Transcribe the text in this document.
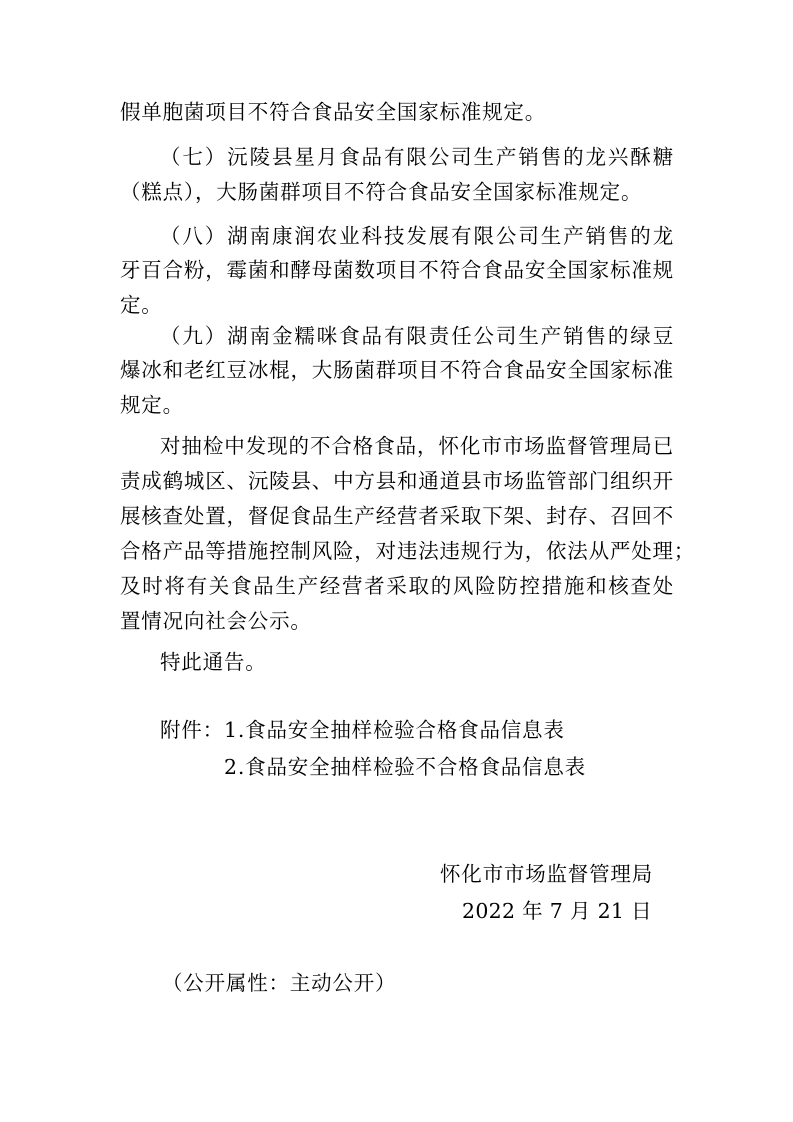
假单胞菌项目不符合食品安全国家标准规定。
（七）沅陵县星月食品有限公司生产销售的龙兴酥糖
（糕点），大肠菌群项目不符合食品安全国家标准规定。
（八）湖南康润农业科技发展有限公司生产销售的龙
牙百合粉，霉菌和酵母菌数项目不符合食品安全国家标准规
定。
（九）湖南金糯咪食品有限责任公司生产销售的绿豆
爆冰和老红豆冰棍，大肠菌群项目不符合食品安全国家标准
规定。
对抽检中发现的不合格食品，怀化市市场监督管理局已
责成鹤城区、沅陵县、中方县和通道县市场监管部门组织开
展核查处置，督促食品生产经营者采取下架、封存、召回不
合格产品等措施控制风险，对违法违规行为，依法从严处理；
及时将有关食品生产经营者采取的风险防控措施和核查处
置情况向社会公示。
特此通告。
附件： 1.食品安全抽样检验合格食品信息表
2.食品安全抽样检验不合格食品信息表
怀化市市场监督管理局
2022 年 7 月 21 日
（公开属性：主动公开）
